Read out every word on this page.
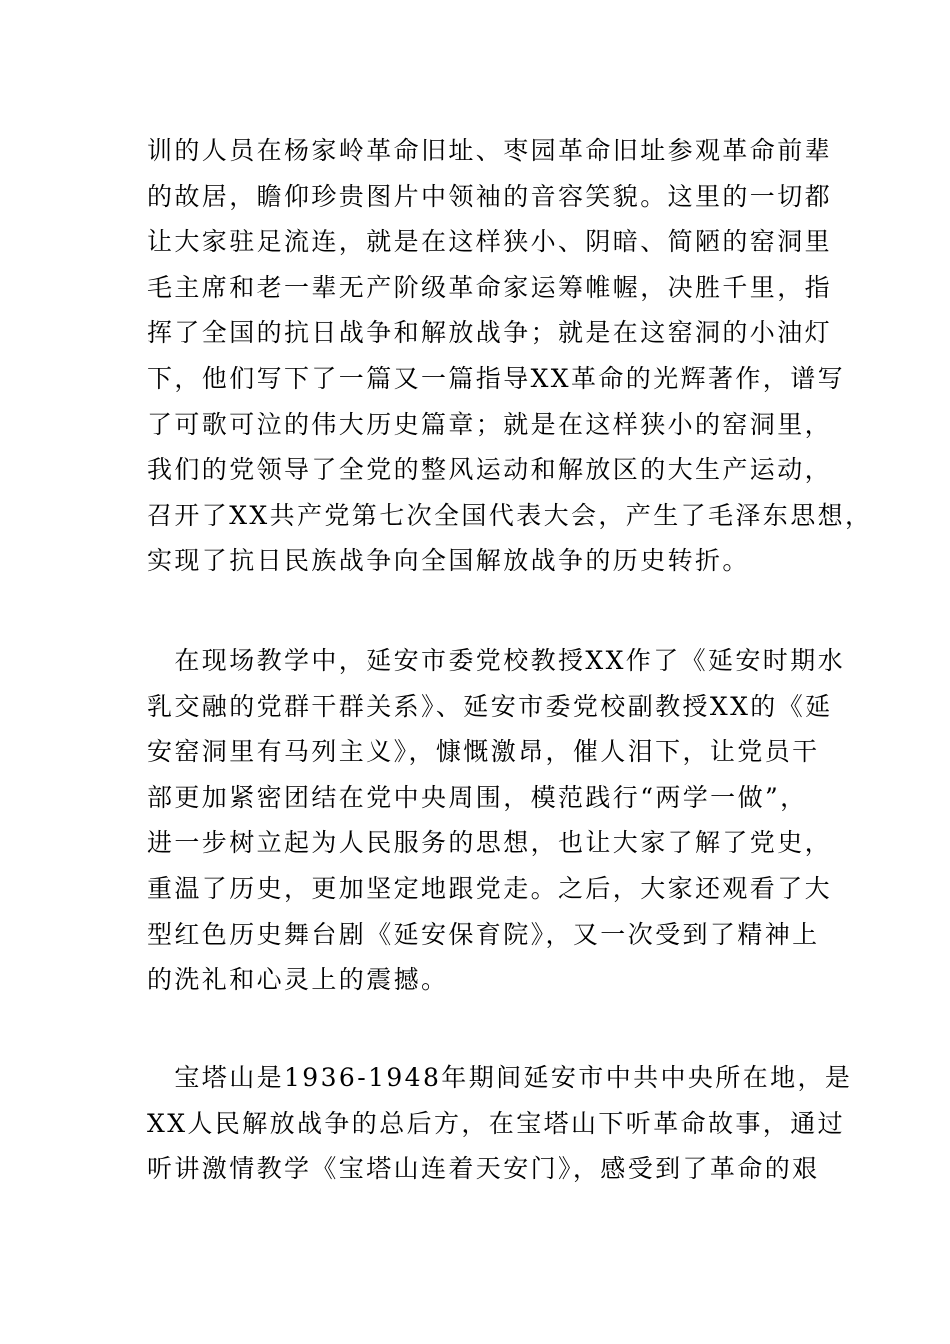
训的人员在杨家岭革命旧址、枣园革命旧址参观革命前辈
的故居，瞻仰珍贵图片中领袖的音容笑貌。这里的一切都
让大家驻足流连，就是在这样狭小、阴暗、简陋的窑洞里
毛主席和老一辈无产阶级革命家运筹帷幄，决胜千里，指
挥了全国的抗日战争和解放战争；就是在这窑洞的小油灯
下，他们写下了一篇又一篇指导XX革命的光辉著作，谱写
了可歌可泣的伟大历史篇章；就是在这样狭小的窑洞里，
我们的党领导了全党的整风运动和解放区的大生产运动，
召开了XX共产党第七次全国代表大会，产生了毛泽东思想，
实现了抗日民族战争向全国解放战争的历史转折。
　在现场教学中，延安市委党校教授XX作了《延安时期水
乳交融的党群干群关系》、延安市委党校副教授XX的《延
安窑洞里有马列主义》，慷慨激昂，催人泪下，让党员干
部更加紧密团结在党中央周围，模范践行“两学一做”，
进一步树立起为人民服务的思想，也让大家了解了党史，
重温了历史，更加坚定地跟党走。之后，大家还观看了大
型红色历史舞台剧《延安保育院》，又一次受到了精神上
的洗礼和心灵上的震撼。
　宝塔山是1936-1948年期间延安市中共中央所在地，是
XX人民解放战争的总后方，在宝塔山下听革命故事，通过
听讲激情教学《宝塔山连着天安门》，感受到了革命的艰
